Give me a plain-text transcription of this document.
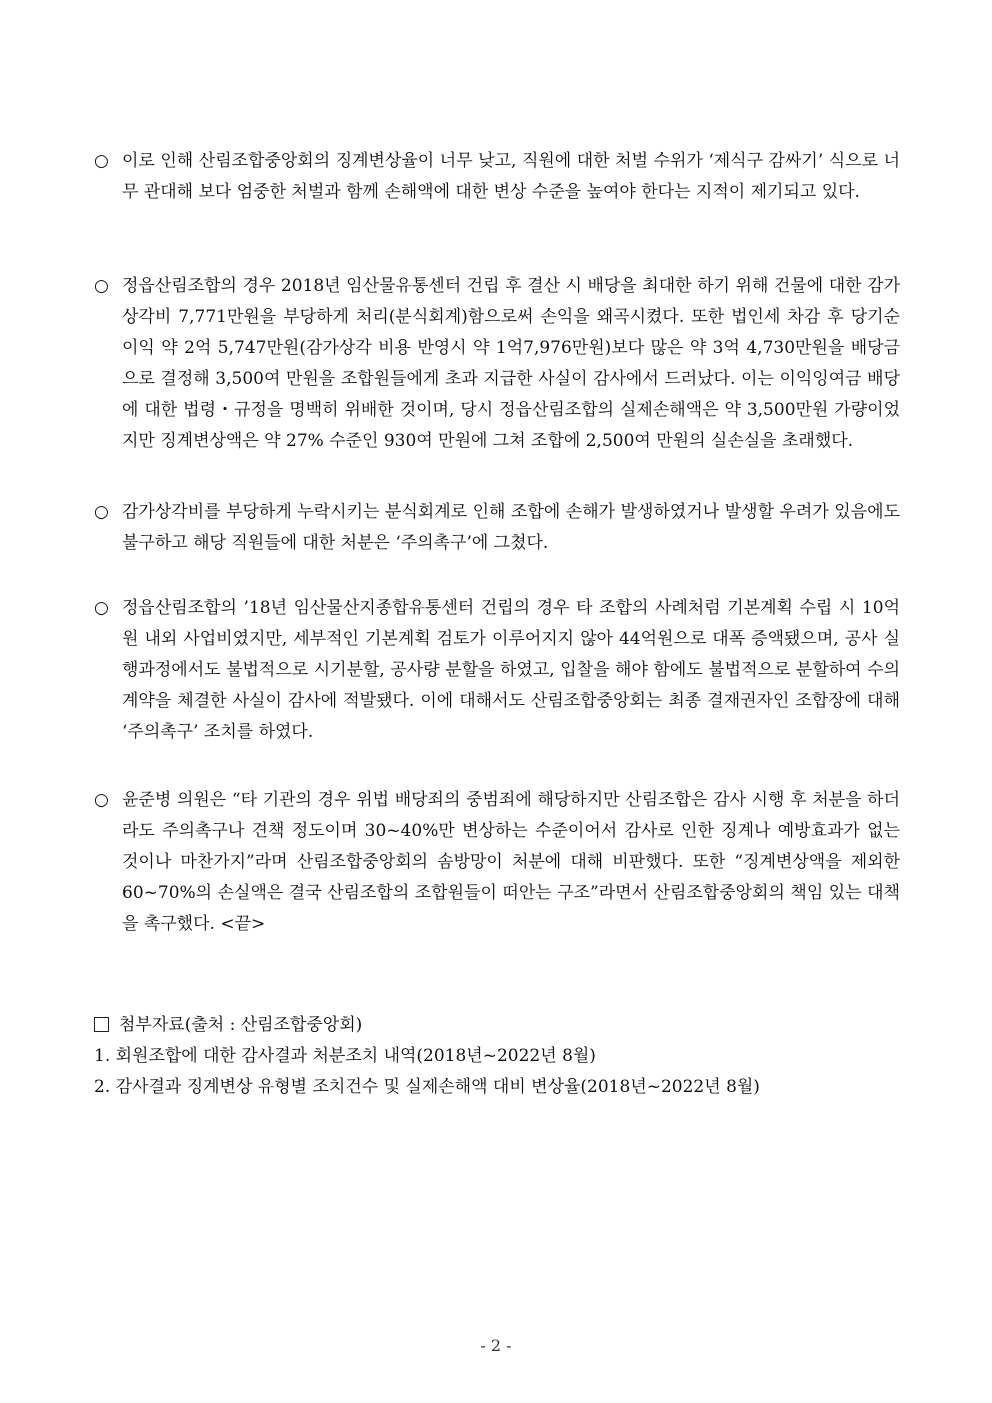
○ 이로 인해 산림조합중앙회의 징계변상율이 너무 낮고, 직원에 대한 처벌 수위가 ‘제식구 감싸기’ 식으로 너무 관대해 보다 엄중한 처벌과 함께 손해액에 대한 변상 수준을 높여야 한다는 지적이 제기되고 있다.
○ 정읍산림조합의 경우 2018년 임산물유통센터 건립 후 결산 시 배당을 최대한 하기 위해 건물에 대한 감가상각비 7,771만원을 부당하게 처리(분식회계)함으로써 손익을 왜곡시켰다. 또한 법인세 차감 후 당기순이익 약 2억 5,747만원(감가상각 비용 반영시 약 1억7,976만원)보다 많은 약 3억 4,730만원을 배당금으로 결정해 3,500여 만원을 조합원들에게 초과 지급한 사실이 감사에서 드러났다. 이는 이익잉여금 배당에 대한 법령・규정을 명백히 위배한 것이며, 당시 정읍산림조합의 실제손해액은 약 3,500만원 가량이었지만 징계변상액은 약 27% 수준인 930여 만원에 그쳐 조합에 2,500여 만원의 실손실을 초래했다.
○ 감가상각비를 부당하게 누락시키는 분식회계로 인해 조합에 손해가 발생하였거나 발생할 우려가 있음에도 불구하고 해당 직원들에 대한 처분은 ‘주의촉구’에 그쳤다.
○ 정읍산림조합의 ’18년 임산물산지종합유통센터 건립의 경우 타 조합의 사례처럼 기본계획 수립 시 10억원 내외 사업비였지만, 세부적인 기본계획 검토가 이루어지지 않아 44억원으로 대폭 증액됐으며, 공사 실행과정에서도 불법적으로 시기분할, 공사량 분할을 하였고, 입찰을 해야 함에도 불법적으로 분할하여 수의계약을 체결한 사실이 감사에 적발됐다. 이에 대해서도 산림조합중앙회는 최종 결재권자인 조합장에 대해 ‘주의촉구’ 조치를 하였다.
○ 윤준병 의원은 “타 기관의 경우 위법 배당죄의 중범죄에 해당하지만 산림조합은 감사 시행 후 처분을 하더라도 주의촉구나 견책 정도이며 30~40%만 변상하는 수준이어서 감사로 인한 징계나 예방효과가 없는 것이나 마찬가지”라며 산림조합중앙회의 솜방망이 처분에 대해 비판했다. 또한 “징계변상액을 제외한 60~70%의 손실액은 결국 산림조합의 조합원들이 떠안는 구조”라면서 산림조합중앙회의 책임 있는 대책을 촉구했다. <끝>

첨부자료(출처 : 산림조합중앙회)

1. 회원조합에 대한 감사결과 처분조치 내역(2018년~2022년 8월)
2. 감사결과 징계변상 유형별 조치건수 및 실제손해액 대비 변상율(2018년~2022년 8월)
- 2 -
